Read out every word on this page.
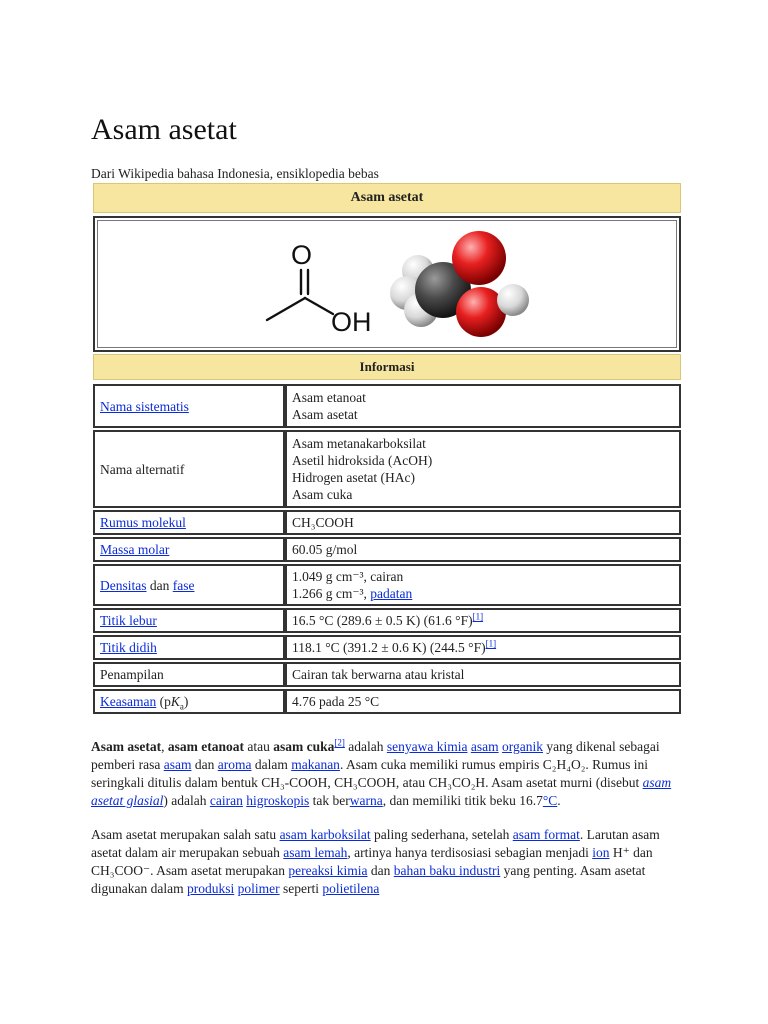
Asam asetat
Dari Wikipedia bahasa Indonesia, ensiklopedia bebas
Asam asetat
O
OH
Informasi
Nama sistematis	Asam etanoat
Asam asetat
Nama alternatif	Asam metanakarboksilat
Asetil hidroksida (AcOH)
Hidrogen asetat (HAc)
Asam cuka
Rumus molekul	CH₃COOH
Massa molar	60.05 g/mol
Densitas dan fase	1.049 g cm⁻³, cairan
1.266 g cm⁻³, padatan
Titik lebur	16.5 °C (289.6 ± 0.5 K) (61.6 °F)[1]
Titik didih	118.1 °C (391.2 ± 0.6 K) (244.5 °F)[1]
Penampilan	Cairan tak berwarna atau kristal
Keasaman $(pK_a)$	4.76 pada 25 °C

Asam asetat, asam etanoat atau asam cuka[2] adalah senyawa kimia asam organik yang dikenal sebagai pemberi rasa asam dan aroma dalam makanan. Asam cuka memiliki rumus empiris C₂H₄O₂. Rumus ini seringkali ditulis dalam bentuk CH₃-COOH, CH₃COOH, atau CH₃CO₂H. Asam asetat murni (disebut asam asetat glasial) adalah cairan higroskopis tak berwarna, dan memiliki titik beku 16.7°C.

Asam asetat merupakan salah satu asam karboksilat paling sederhana, setelah asam format. Larutan asam asetat dalam air merupakan sebuah asam lemah, artinya hanya terdisosiasi sebagian menjadi ion H⁺ dan CH₃COO⁻. Asam asetat merupakan pereaksi kimia dan bahan baku industri yang penting. Asam asetat digunakan dalam produksi polimer seperti polietilena
